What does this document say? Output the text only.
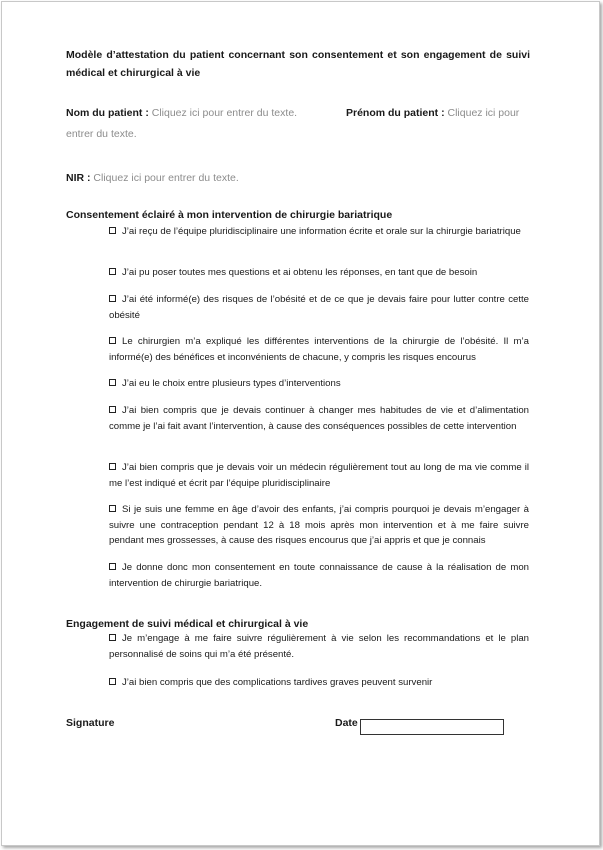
Modèle d’attestation du patient concernant son consentement et son engagement de suivi médical et chirurgical à vie
Nom du patient : Cliquez ici pour entrer du texte.	Prénom du patient : Cliquez ici pour
entrer du texte.
NIR : Cliquez ici pour entrer du texte.
Consentement éclairé à mon intervention de chirurgie bariatrique
J’ai reçu de l’équipe pluridisciplinaire une information écrite et orale sur la chirurgie bariatrique
J’ai pu poser toutes mes questions et ai obtenu les réponses, en tant que de besoin
J’ai été informé(e) des risques de l’obésité et de ce que je devais faire pour lutter contre cette obésité
Le chirurgien m’a expliqué les différentes interventions de la chirurgie de l’obésité. Il m’a informé(e) des bénéfices et inconvénients de chacune, y compris les risques encourus
J’ai eu le choix entre plusieurs types d’interventions
J’ai bien compris que je devais continuer à changer mes habitudes de vie et d’alimentation comme je l’ai fait avant l’intervention, à cause des conséquences possibles de cette intervention
J’ai bien compris que je devais voir un médecin régulièrement tout au long de ma vie comme il me l’est indiqué et écrit par l’équipe pluridisciplinaire
Si je suis une femme en âge d’avoir des enfants, j’ai compris pourquoi je devais m’engager à suivre une contraception pendant 12 à 18 mois après mon intervention et à me faire suivre pendant mes grossesses, à cause des risques encourus que j’ai appris et que je connais
Je donne donc mon consentement en toute connaissance de cause à la réalisation de mon intervention de chirurgie bariatrique.
Engagement de suivi médical et chirurgical à vie
Je m’engage à me faire suivre régulièrement à vie selon les recommandations et le plan personnalisé de soins qui m’a été présenté.
J’ai bien compris que des complications tardives graves peuvent survenir
Signature	Date
